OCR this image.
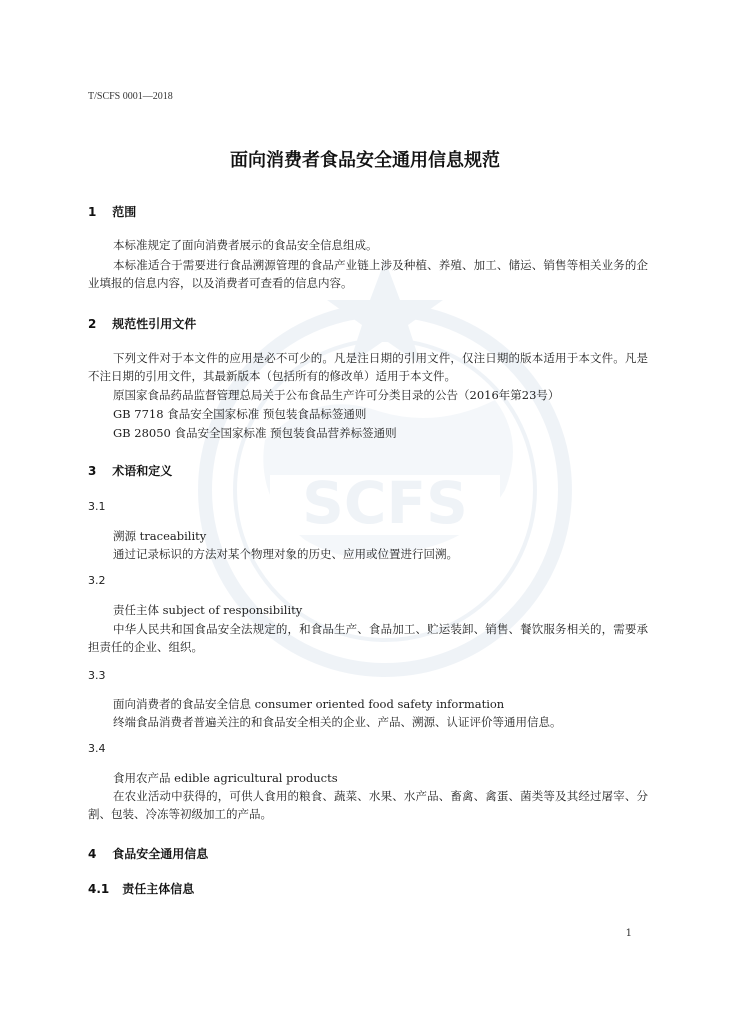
SCFS
T/SCFS 0001—2018
面向消费者食品安全通用信息规范
1 范围
本标准规定了面向消费者展示的食品安全信息组成。
本标准适合于需要进行食品溯源管理的食品产业链上涉及种植、养殖、加工、储运、销售等相关业务的企业填报的信息内容，以及消费者可查看的信息内容。
2 规范性引用文件
下列文件对于本文件的应用是必不可少的。凡是注日期的引用文件，仅注日期的版本适用于本文件。凡是不注日期的引用文件，其最新版本（包括所有的修改单）适用于本文件。
原国家食品药品监督管理总局关于公布食品生产许可分类目录的公告（2016年第23号）
GB 7718 食品安全国家标准 预包装食品标签通则
GB 28050 食品安全国家标准 预包装食品营养标签通则
3 术语和定义
3.1
溯源 traceability
通过记录标识的方法对某个物理对象的历史、应用或位置进行回溯。
3.2
责任主体 subject of responsibility
中华人民共和国食品安全法规定的，和食品生产、食品加工、贮运装卸、销售、餐饮服务相关的，需要承担责任的企业、组织。
3.3
面向消费者的食品安全信息 consumer oriented food safety information
终端食品消费者普遍关注的和食品安全相关的企业、产品、溯源、认证评价等通用信息。
3.4
食用农产品 edible agricultural products
在农业活动中获得的，可供人食用的粮食、蔬菜、水果、水产品、畜禽、禽蛋、菌类等及其经过屠宰、分割、包装、冷冻等初级加工的产品。
4 食品安全通用信息
4.1 责任主体信息
1
